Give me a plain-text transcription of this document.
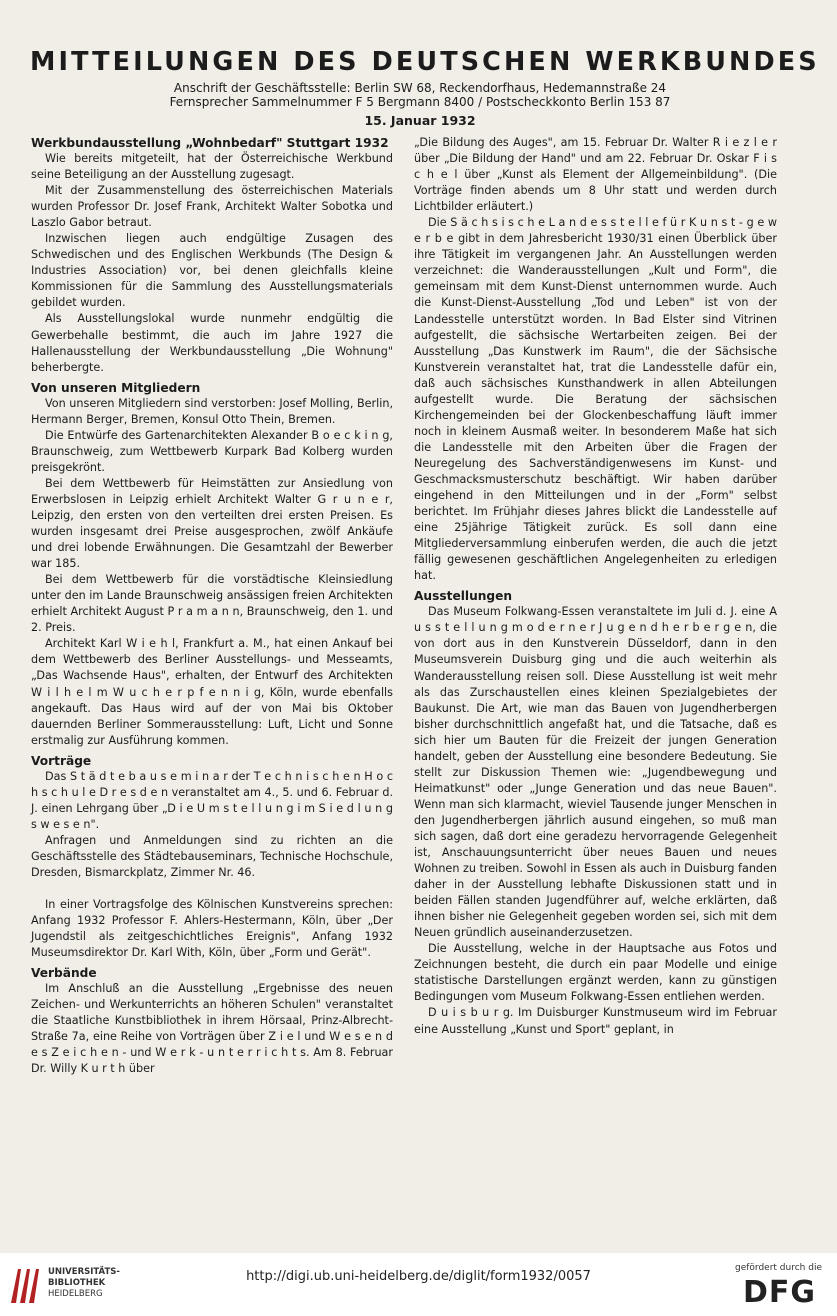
MITTEILUNGEN DES DEUTSCHEN WERKBUNDES
Anschrift der Geschäftsstelle: Berlin SW 68, Reckendorfhaus, Hedemannstraße 24
Fernsprecher Sammelnummer F 5 Bergmann 8400 / Postscheckkonto Berlin 153 87
15. Januar 1932
Werkbundausstellung „Wohnbedarf" Stuttgart 1932

Wie bereits mitgeteilt, hat der Österreichische Werkbund seine Beteiligung an der Ausstellung zugesagt.

Mit der Zusammenstellung des österreichischen Materials wurden Professor Dr. Josef Frank, Architekt Walter Sobotka und Laszlo Gabor betraut.

Inzwischen liegen auch endgültige Zusagen des Schwedischen und des Englischen Werkbunds (The Design & Industries Association) vor, bei denen gleichfalls kleine Kommissionen für die Sammlung des Ausstellungsmaterials gebildet wurden.

Als Ausstellungslokal wurde nunmehr endgültig die Gewerbehalle bestimmt, die auch im Jahre 1927 die Hallenausstellung der Werkbundausstellung „Die Wohnung" beherbergte.

Von unseren Mitgliedern

Von unseren Mitgliedern sind verstorben: Josef Molling, Berlin, Hermann Berger, Bremen, Konsul Otto Thein, Bremen.

Die Entwürfe des Gartenarchitekten Alexander B o e c k i n g, Braunschweig, zum Wettbewerb Kurpark Bad Kolberg wurden preisgekrönt.

Bei dem Wettbewerb für Heimstätten zur Ansiedlung von Erwerbslosen in Leipzig erhielt Architekt Walter G r u n e r, Leipzig, den ersten von den verteilten drei ersten Preisen. Es wurden insgesamt drei Preise ausgesprochen, zwölf Ankäufe und drei lobende Erwähnungen. Die Gesamtzahl der Bewerber war 185.

Bei dem Wettbewerb für die vorstädtische Kleinsiedlung unter den im Lande Braunschweig ansässigen freien Architekten erhielt Architekt August P r a m a n n, Braunschweig, den 1. und 2. Preis.

Architekt Karl W i e h l, Frankfurt a. M., hat einen Ankauf bei dem Wettbewerb des Berliner Ausstellungs- und Messeamts, „Das Wachsende Haus", erhalten, der Entwurf des Architekten W i l h e l m W u c h e r p f e n n i g, Köln, wurde ebenfalls angekauft. Das Haus wird auf der von Mai bis Oktober dauernden Berliner Sommerausstellung: Luft, Licht und Sonne erstmalig zur Ausführung kommen.

Vorträge

Das S t ä d t e b a u s e m i n a r der T e c h n i s c h e n H o c h s c h u l e D r e s d e n veranstaltet am 4., 5. und 6. Februar d. J. einen Lehrgang über „D i e U m s t e l l u n g i m S i e d l u n g s w e s e n".

Anfragen und Anmeldungen sind zu richten an die Geschäftsstelle des Städtebauseminars, Technische Hochschule, Dresden, Bismarckplatz, Zimmer Nr. 46.

In einer Vortragsfolge des Kölnischen Kunstvereins sprechen: Anfang 1932 Professor F. Ahlers-Hestermann, Köln, über „Der Jugendstil als zeitgeschichtliches Ereignis", Anfang 1932 Museumsdirektor Dr. Karl With, Köln, über „Form und Gerät".

Verbände

Im Anschluß an die Ausstellung „Ergebnisse des neuen Zeichen- und Werkunterrichts an höheren Schulen" veranstaltet die Staatliche Kunstbibliothek in ihrem Hörsaal, Prinz-Albrecht-Straße 7a, eine Reihe von Vorträgen über Z i e l und W e s e n d e s Z e i c h e n - und W e r k - u n t e r r i c h t s. Am 8. Februar Dr. Willy K u r t h über

„Die Bildung des Auges", am 15. Februar Dr. Walter R i e z l e r über „Die Bildung der Hand" und am 22. Februar Dr. Oskar F i s c h e l über „Kunst als Element der Allgemeinbildung". (Die Vorträge finden abends um 8 Uhr statt und werden durch Lichtbilder erläutert.)

Die S ä c h s i s c h e L a n d e s s t e l l e f ü r K u n s t - g e w e r b e gibt in dem Jahresbericht 1930/31 einen Überblick über ihre Tätigkeit im vergangenen Jahr. An Ausstellungen werden verzeichnet: die Wanderausstellungen „Kult und Form", die gemeinsam mit dem Kunst-Dienst unternommen wurde. Auch die Kunst-Dienst-Ausstellung „Tod und Leben" ist von der Landesstelle unterstützt worden. In Bad Elster sind Vitrinen aufgestellt, die sächsische Wertarbeiten zeigen. Bei der Ausstellung „Das Kunstwerk im Raum", die der Sächsische Kunstverein veranstaltet hat, trat die Landesstelle dafür ein, daß auch sächsisches Kunsthandwerk in allen Abteilungen aufgestellt wurde. Die Beratung der sächsischen Kirchengemeinden bei der Glockenbeschaffung läuft immer noch in kleinem Ausmaß weiter. In besonderem Maße hat sich die Landesstelle mit den Arbeiten über die Fragen der Neuregelung des Sachverständigenwesens im Kunst- und Geschmacksmusterschutz beschäftigt. Wir haben darüber eingehend in den Mitteilungen und in der „Form" selbst berichtet. Im Frühjahr dieses Jahres blickt die Landesstelle auf eine 25jährige Tätigkeit zurück. Es soll dann eine Mitgliederversammlung einberufen werden, die auch die jetzt fällig gewesenen geschäftlichen Angelegenheiten zu erledigen hat.

Ausstellungen

Das Museum Folkwang-Essen veranstaltete im Juli d. J. eine A u s s t e l l u n g m o d e r n e r J u g e n d h e r b e r g e n, die von dort aus in den Kunstverein Düsseldorf, dann in den Museumsverein Duisburg ging und die auch weiterhin als Wanderausstellung reisen soll. Diese Ausstellung ist weit mehr als das Zurschaustellen eines kleinen Spezialgebietes der Baukunst. Die Art, wie man das Bauen von Jugendherbergen bisher durchschnittlich angefaßt hat, und die Tatsache, daß es sich hier um Bauten für die Freizeit der jungen Generation handelt, geben der Ausstellung eine besondere Bedeutung. Sie stellt zur Diskussion Themen wie: „Jugendbewegung und Heimatkunst" oder „Junge Generation und das neue Bauen". Wenn man sich klarmacht, wieviel Tausende junger Menschen in den Jugendherbergen jährlich ausund eingehen, so muß man sich sagen, daß dort eine geradezu hervorragende Gelegenheit ist, Anschauungsunterricht über neues Bauen und neues Wohnen zu treiben. Sowohl in Essen als auch in Duisburg fanden daher in der Ausstellung lebhafte Diskussionen statt und in beiden Fällen standen Jugendführer auf, welche erklärten, daß ihnen bisher nie Gelegenheit gegeben worden sei, sich mit dem Neuen gründlich auseinanderzusetzen.

Die Ausstellung, welche in der Hauptsache aus Fotos und Zeichnungen besteht, die durch ein paar Modelle und einige statistische Darstellungen ergänzt werden, kann zu günstigen Bedingungen vom Museum Folkwang-Essen entliehen werden.

D u i s b u r g. Im Duisburger Kunstmuseum wird im Februar eine Ausstellung „Kunst und Sport" geplant, in

UNIVERSITÄTS-
BIBLIOTHEK
HEIDELBERG
http://digi.ub.uni-heidelberg.de/diglit/form1932/0057
gefördert durch die
DFG
